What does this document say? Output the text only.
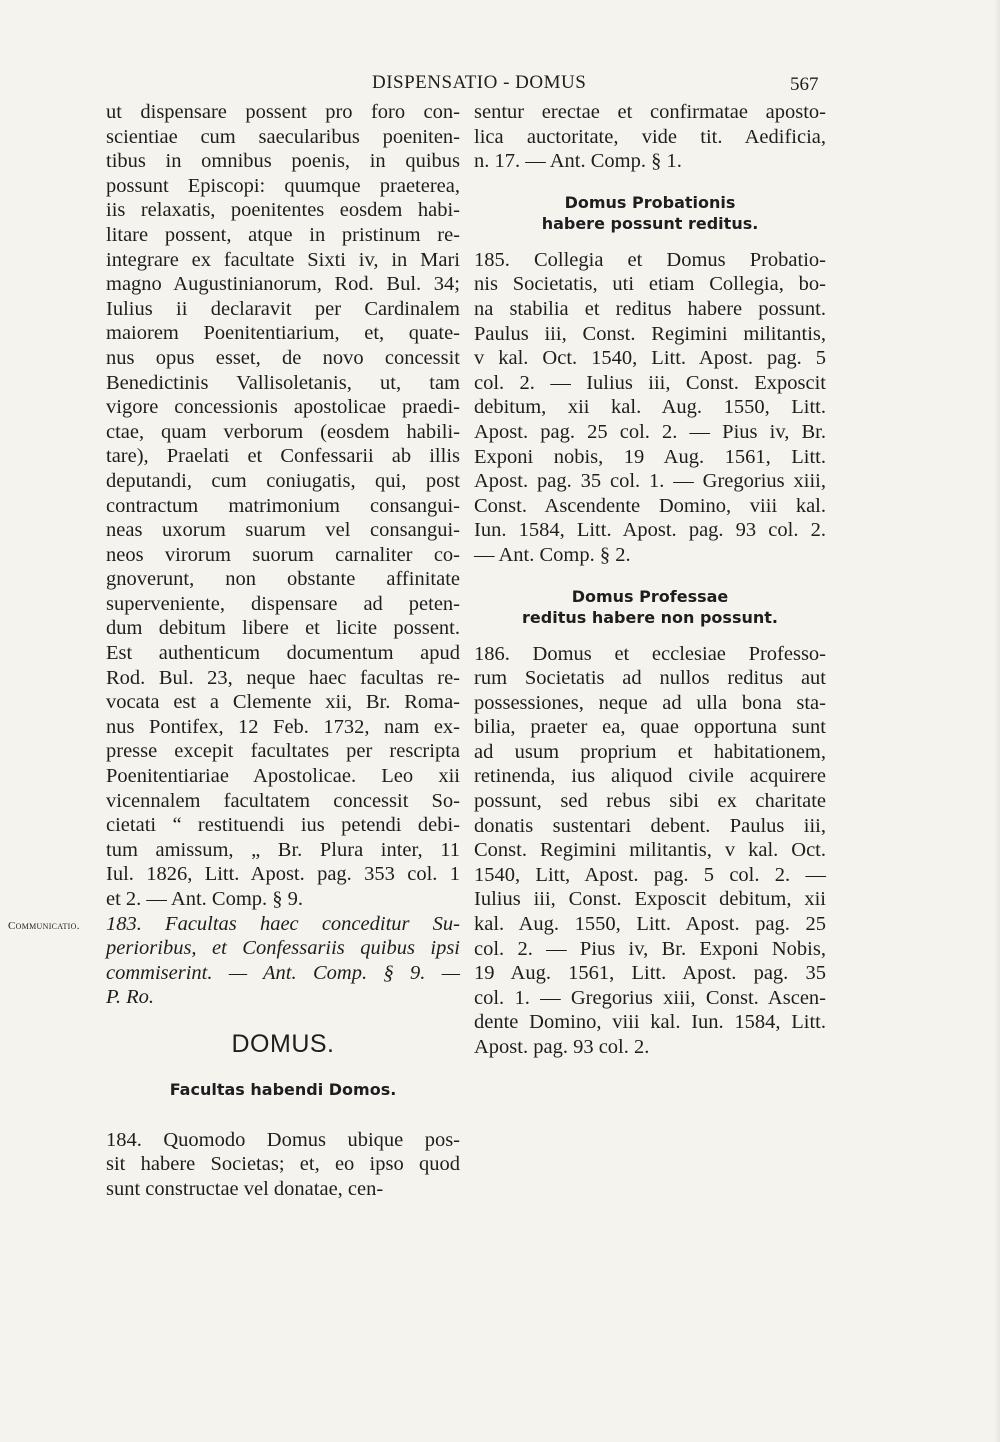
DISPENSATIO - DOMUS	567
Communicatio.
ut dispensare possent pro foro con-
scientiae cum saecularibus poeniten-
tibus in omnibus poenis, in quibus
possunt Episcopi: quumque praeterea,
iis relaxatis, poenitentes eosdem habi-
litare possent, atque in pristinum re-
integrare ex facultate Sixti iv, in Mari
magno Augustinianorum, Rod. Bul. 34;
Iulius ii declaravit per Cardinalem
maiorem Poenitentiarium, et, quate-
nus opus esset, de novo concessit
Benedictinis Vallisoletanis, ut, tam
vigore concessionis apostolicae praedi-
ctae, quam verborum (eosdem habili-
tare), Praelati et Confessarii ab illis
deputandi, cum coniugatis, qui, post
contractum matrimonium consangui-
neas uxorum suarum vel consangui-
neos virorum suorum carnaliter co-
gnoverunt, non obstante affinitate
superveniente, dispensare ad peten-
dum debitum libere et licite possent.
Est authenticum documentum apud
Rod. Bul. 23, neque haec facultas re-
vocata est a Clemente xii, Br. Roma-
nus Pontifex, 12 Feb. 1732, nam ex-
presse excepit facultates per rescripta
Poenitentiariae Apostolicae. Leo xii
vicennalem facultatem concessit So-
cietati “ restituendi ius petendi debi-
tum amissum, „ Br. Plura inter, 11
Iul. 1826, Litt. Apost. pag. 353 col. 1
et 2. — Ant. Comp. § 9.
183. Facultas haec conceditur Su-
perioribus, et Confessariis quibus ipsi
commiserint. — Ant. Comp. § 9. —
P. Ro.
DOMUS.
Facultas habendi Domos.
184. Quomodo Domus ubique pos-
sit habere Societas; et, eo ipso quod
sunt constructae vel donatae, cen-
sentur erectae et confirmatae aposto-
lica auctoritate, vide tit. Aedificia,
n. 17. — Ant. Comp. § 1.
Domus Probationis
habere possunt reditus.
185. Collegia et Domus Probatio-
nis Societatis, uti etiam Collegia, bo-
na stabilia et reditus habere possunt.
Paulus iii, Const. Regimini militantis,
v kal. Oct. 1540, Litt. Apost. pag. 5
col. 2. — Iulius iii, Const. Exposcit
debitum, xii kal. Aug. 1550, Litt.
Apost. pag. 25 col. 2. — Pius iv, Br.
Exponi nobis, 19 Aug. 1561, Litt.
Apost. pag. 35 col. 1. — Gregorius xiii,
Const. Ascendente Domino, viii kal.
Iun. 1584, Litt. Apost. pag. 93 col. 2.
— Ant. Comp. § 2.
Domus Professae
reditus habere non possunt.
186. Domus et ecclesiae Professo-
rum Societatis ad nullos reditus aut
possessiones, neque ad ulla bona sta-
bilia, praeter ea, quae opportuna sunt
ad usum proprium et habitationem,
retinenda, ius aliquod civile acquirere
possunt, sed rebus sibi ex charitate
donatis sustentari debent. Paulus iii,
Const. Regimini militantis, v kal. Oct.
1540, Litt, Apost. pag. 5 col. 2. —
Iulius iii, Const. Exposcit debitum, xii
kal. Aug. 1550, Litt. Apost. pag. 25
col. 2. — Pius iv, Br. Exponi Nobis,
19 Aug. 1561, Litt. Apost. pag. 35
col. 1. — Gregorius xiii, Const. Ascen-
dente Domino, viii kal. Iun. 1584, Litt.
Apost. pag. 93 col. 2.
